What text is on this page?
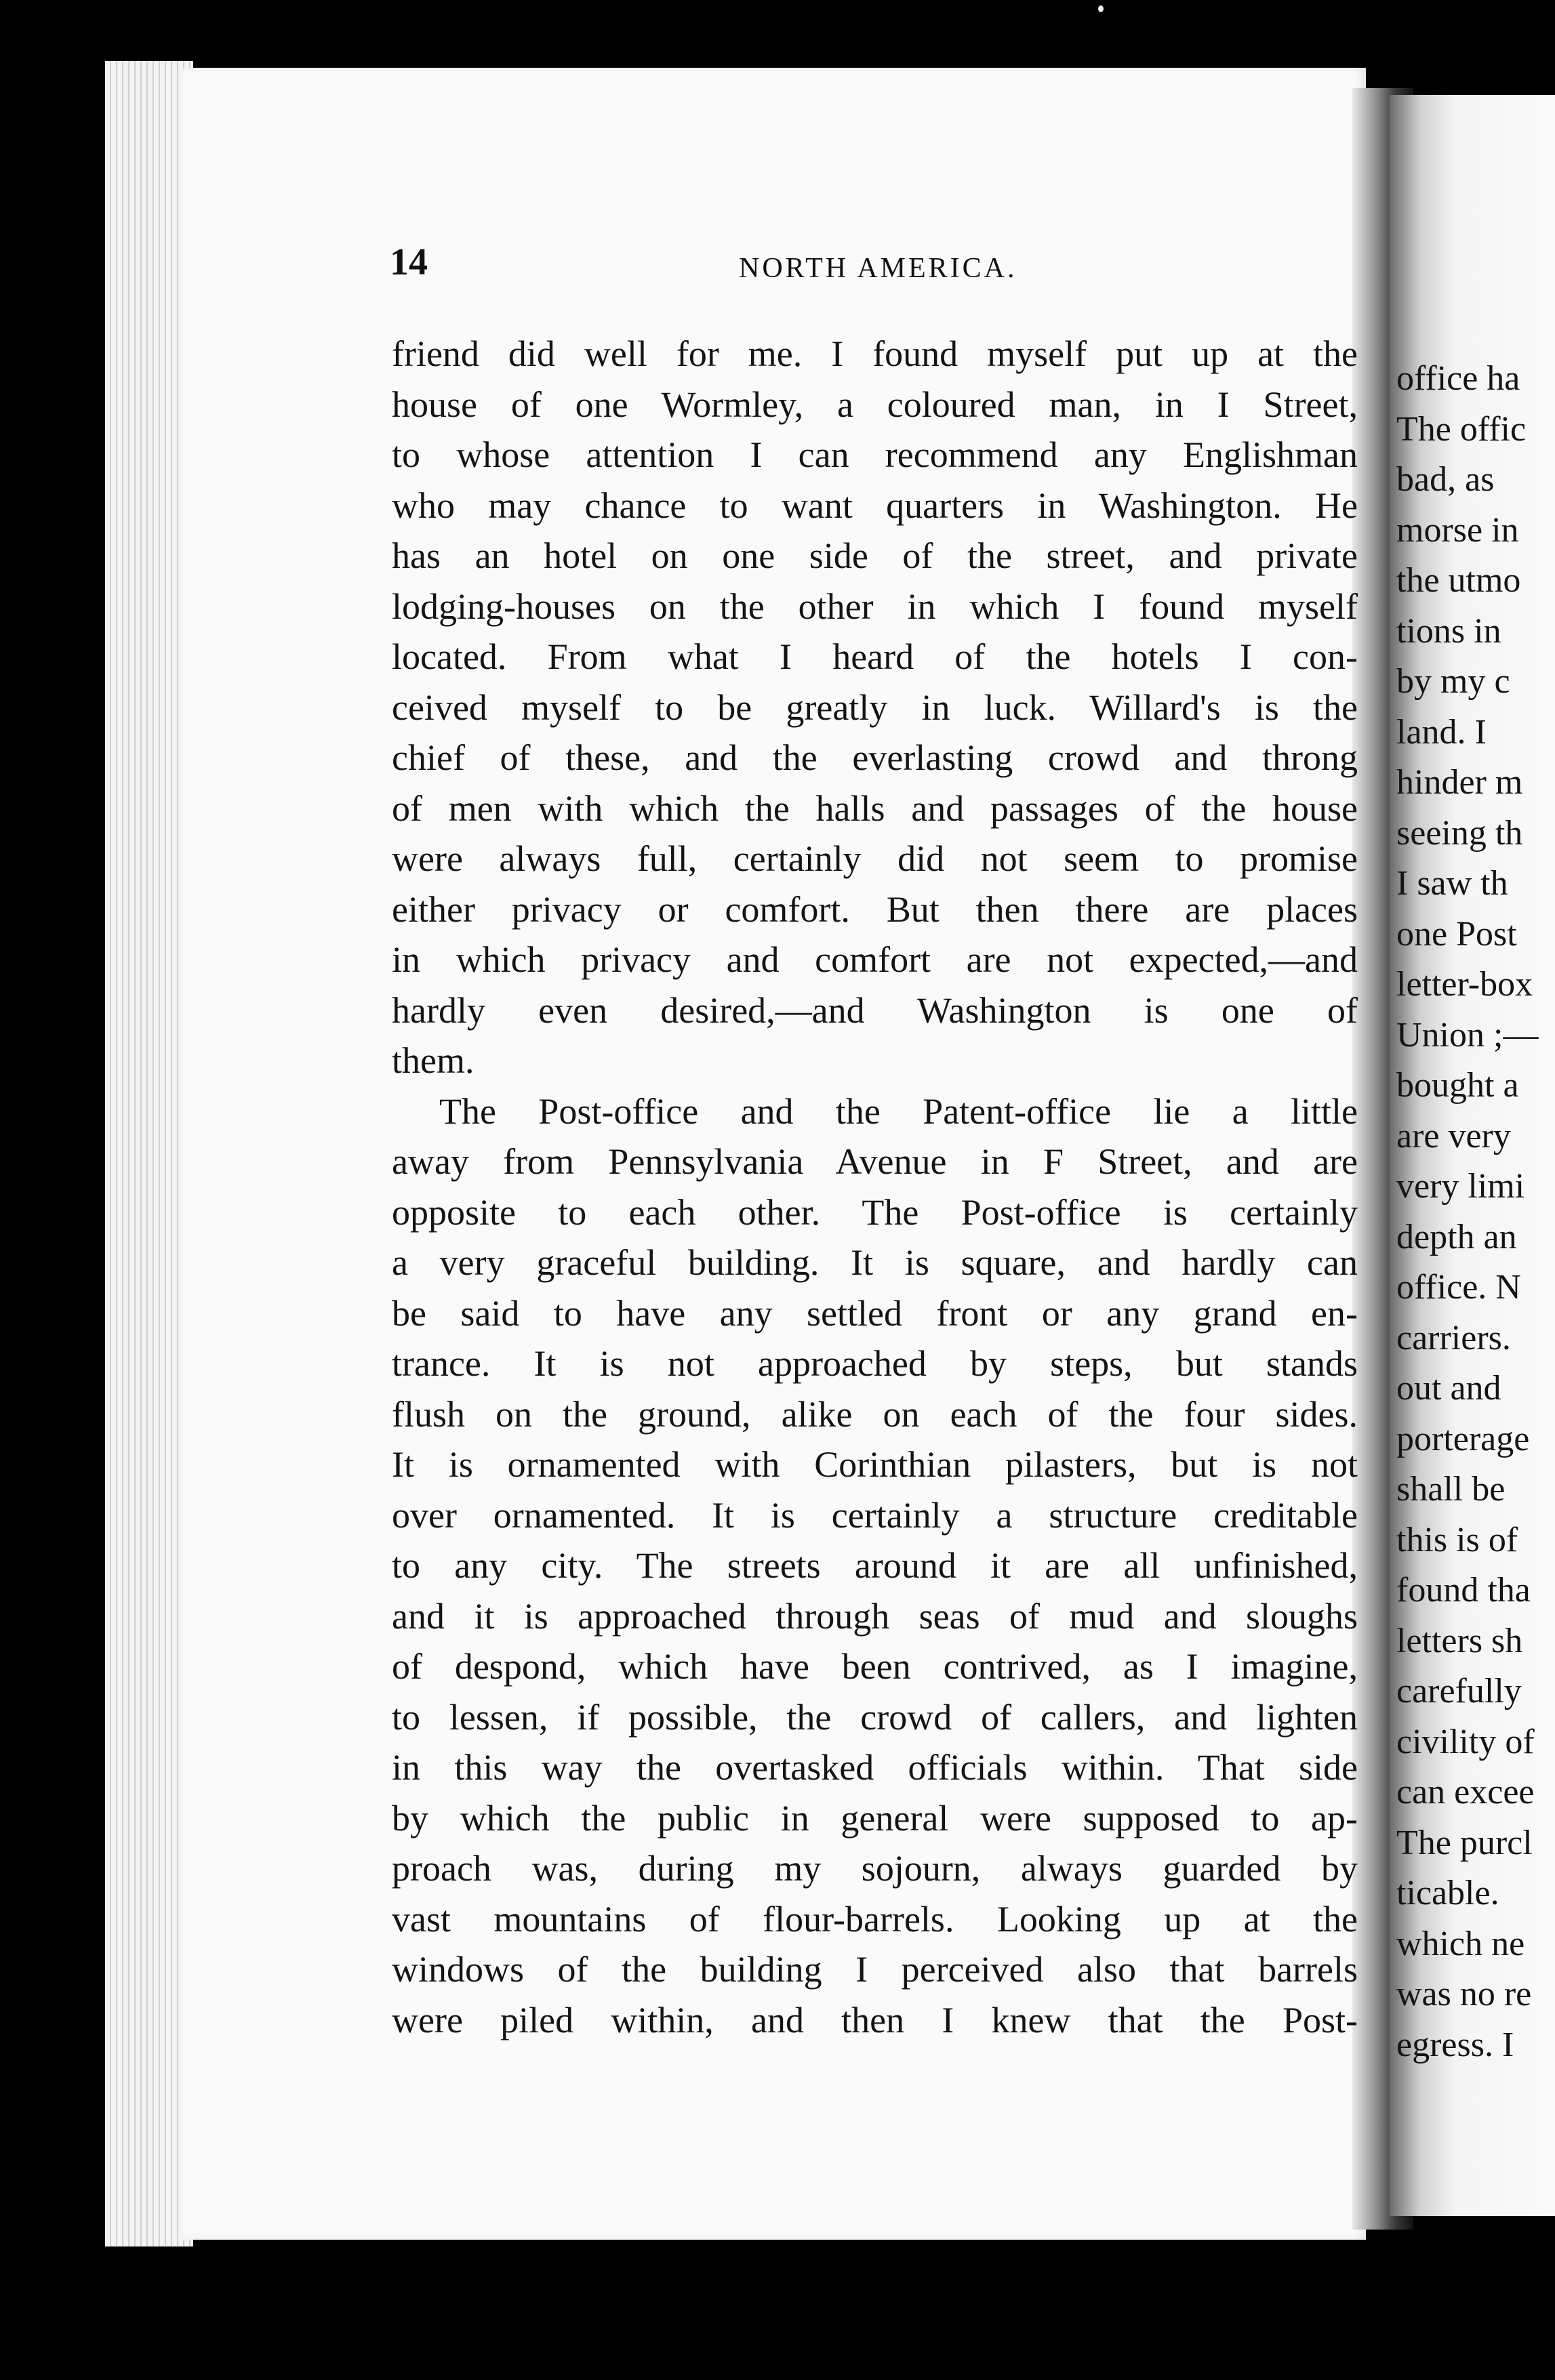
14	NORTH AMERICA.
friend did well for me. I found myself put up at the
house of one Wormley, a coloured man, in I Street,
to whose attention I can recommend any Englishman
who may chance to want quarters in Washington. He
has an hotel on one side of the street, and private
lodging-houses on the other in which I found myself
located. From what I heard of the hotels I con-
ceived myself to be greatly in luck. Willard's is the
chief of these, and the everlasting crowd and throng
of men with which the halls and passages of the house
were always full, certainly did not seem to promise
either privacy or comfort. But then there are places
in which privacy and comfort are not expected,—and
hardly even desired,—and Washington is one of
them.
The Post-office and the Patent-office lie a little
away from Pennsylvania Avenue in F Street, and are
opposite to each other. The Post-office is certainly
a very graceful building. It is square, and hardly can
be said to have any settled front or any grand en-
trance. It is not approached by steps, but stands
flush on the ground, alike on each of the four sides.
It is ornamented with Corinthian pilasters, but is not
over ornamented. It is certainly a structure creditable
to any city. The streets around it are all unfinished,
and it is approached through seas of mud and sloughs
of despond, which have been contrived, as I imagine,
to lessen, if possible, the crowd of callers, and lighten
in this way the overtasked officials within. That side
by which the public in general were supposed to ap-
proach was, during my sojourn, always guarded by
vast mountains of flour-barrels. Looking up at the
windows of the building I perceived also that barrels
were piled within, and then I knew that the Post-
office ha
The offic
bad, as
morse in
the utmo
tions in
by my c
land. I
hinder m
seeing th
I saw th
one Post
letter-box
Union ;—
bought a
are very
very limi
depth an
office. N
carriers.
out and
porterage
shall be
this is of
found tha
letters sh
carefully
civility of
can excee
The purcl
ticable.
which ne
was no re
egress. I
